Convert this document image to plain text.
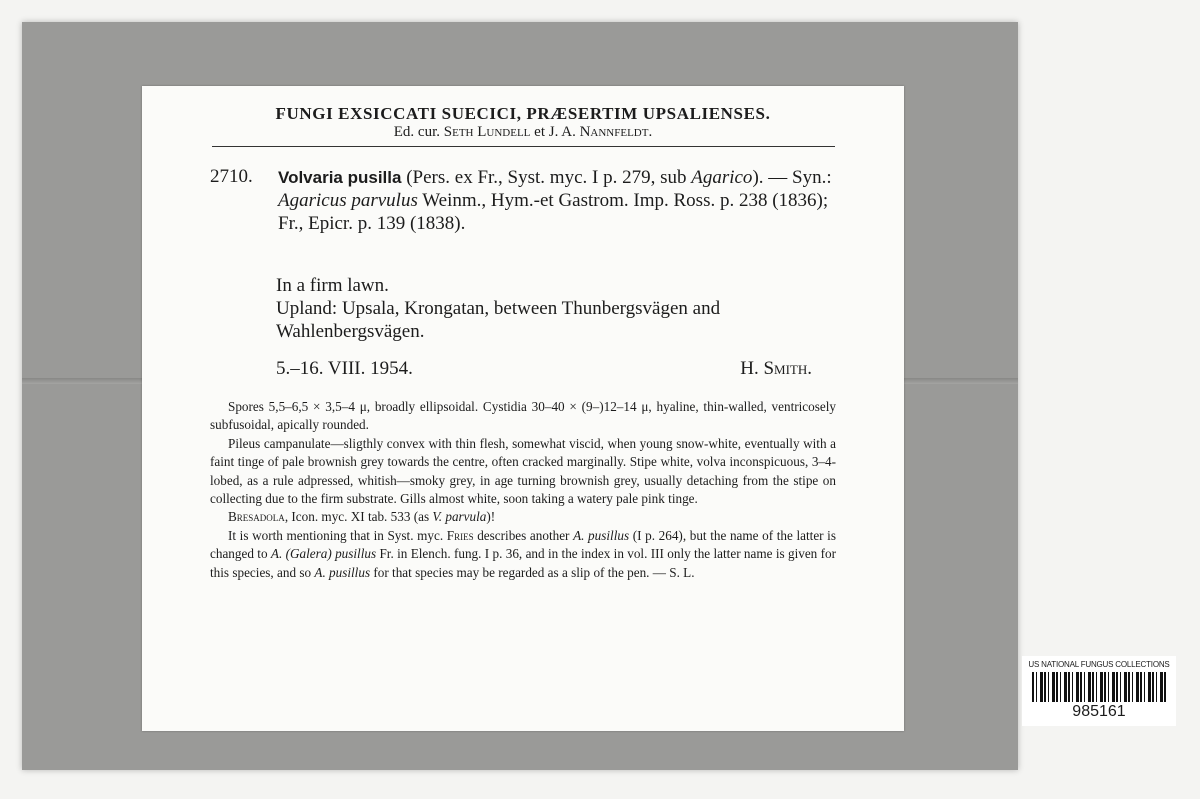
FUNGI EXSICCATI SUECICI, PRÆSERTIM UPSALIENSES.
Ed. cur. Seth Lundell et J. A. Nannfeldt.
2710. Volvaria pusilla (Pers. ex Fr., Syst. myc. I p. 279, sub Agarico). — Syn.: Agaricus parvulus Weinm., Hym.-et Gastrom. Imp. Ross. p. 238 (1836); Fr., Epicr. p. 139 (1838).
In a firm lawn.
Upland: Upsala, Krongatan, between Thunbergsvägen and Wahlenbergsvägen.
5.–16. VIII. 1954.	H. Smith.

Spores 5,5–6,5 × 3,5–4 μ, broadly ellipsoidal. Cystidia 30–40 × (9–)12–14 μ, hyaline, thin-walled, ventricosely subfusoidal, apically rounded.

Pileus campanulate—sligthly convex with thin flesh, somewhat viscid, when young snow-white, eventually with a faint tinge of pale brownish grey towards the centre, often cracked marginally. Stipe white, volva inconspicuous, 3–4-lobed, as a rule adpressed, whitish—smoky grey, in age turning brownish grey, usually detaching from the stipe on collecting due to the firm substrate. Gills almost white, soon taking a watery pale pink tinge.

Bresadola, Icon. myc. XI tab. 533 (as V. parvula)!

It is worth mentioning that in Syst. myc. Fries describes another A. pusillus (I p. 264), but the name of the latter is changed to A. (Galera) pusillus Fr. in Elench. fung. I p. 36, and in the index in vol. III only the latter name is given for this species, and so A. pusillus for that species may be regarded as a slip of the pen. — S. L.

US NATIONAL FUNGUS COLLECTIONS
985161
